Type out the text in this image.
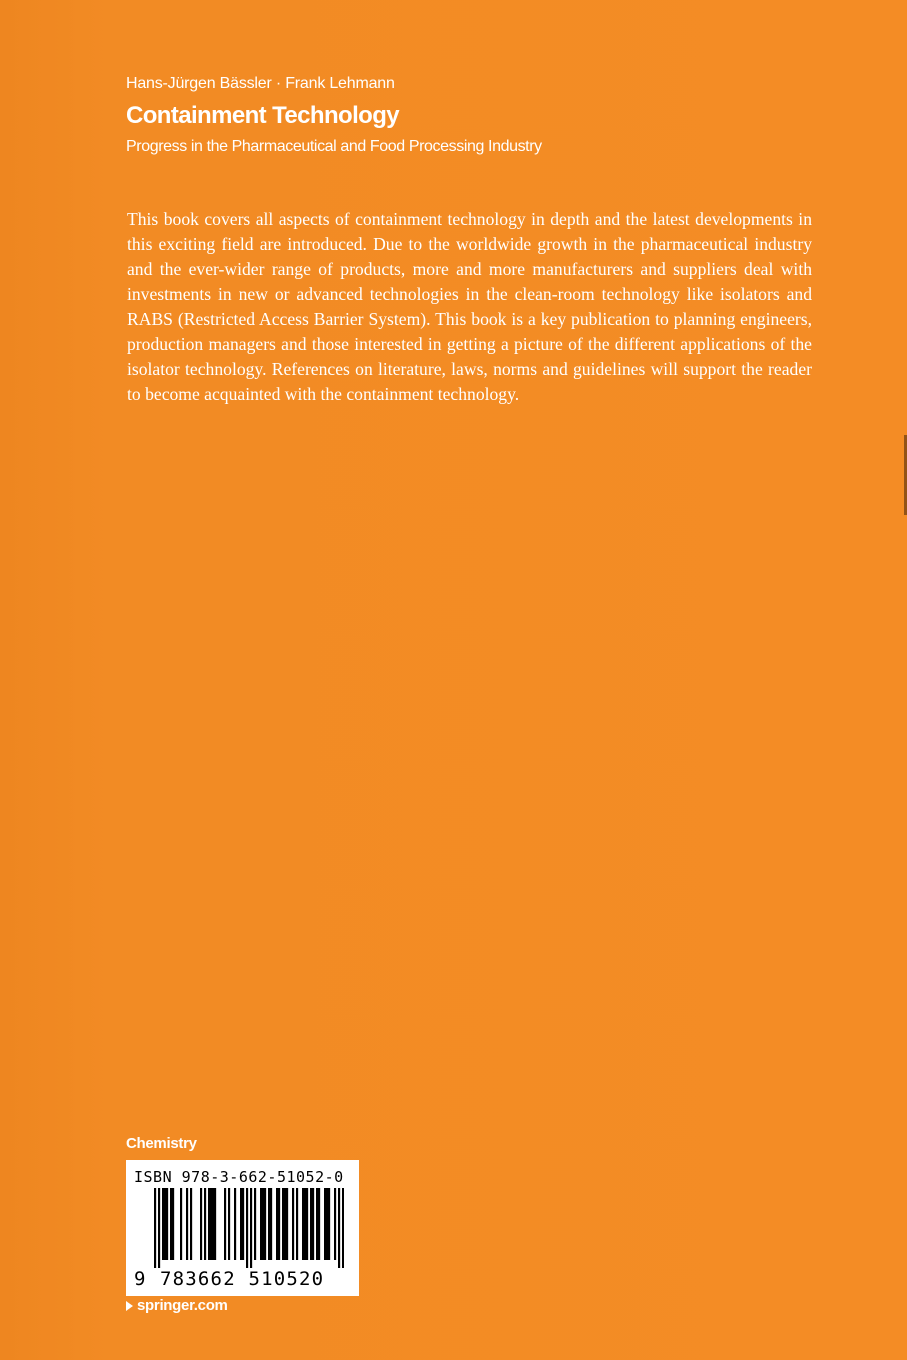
Hans-Jürgen Bässler · Frank Lehmann
Containment Technology
Progress in the Pharmaceutical and Food Processing Industry

This book covers all aspects of containment technology in depth and the latest developments in this exciting field are introduced. Due to the worldwide growth in the pharmaceutical industry and the ever-wider range of products, more and more manufacturers and suppliers deal with investments in new or advanced technologies in the clean-room technology like isolators and RABS (Restricted Access Barrier System). This book is a key publication to planning engineers, production managers and those interested in getting a picture of the different applications of the isolator technology. References on literature, laws, norms and guidelines will support the reader to become acquainted with the containment technology.

Chemistry
ISBN 978-3-662-51052-0
9 783662 510520
springer.com
